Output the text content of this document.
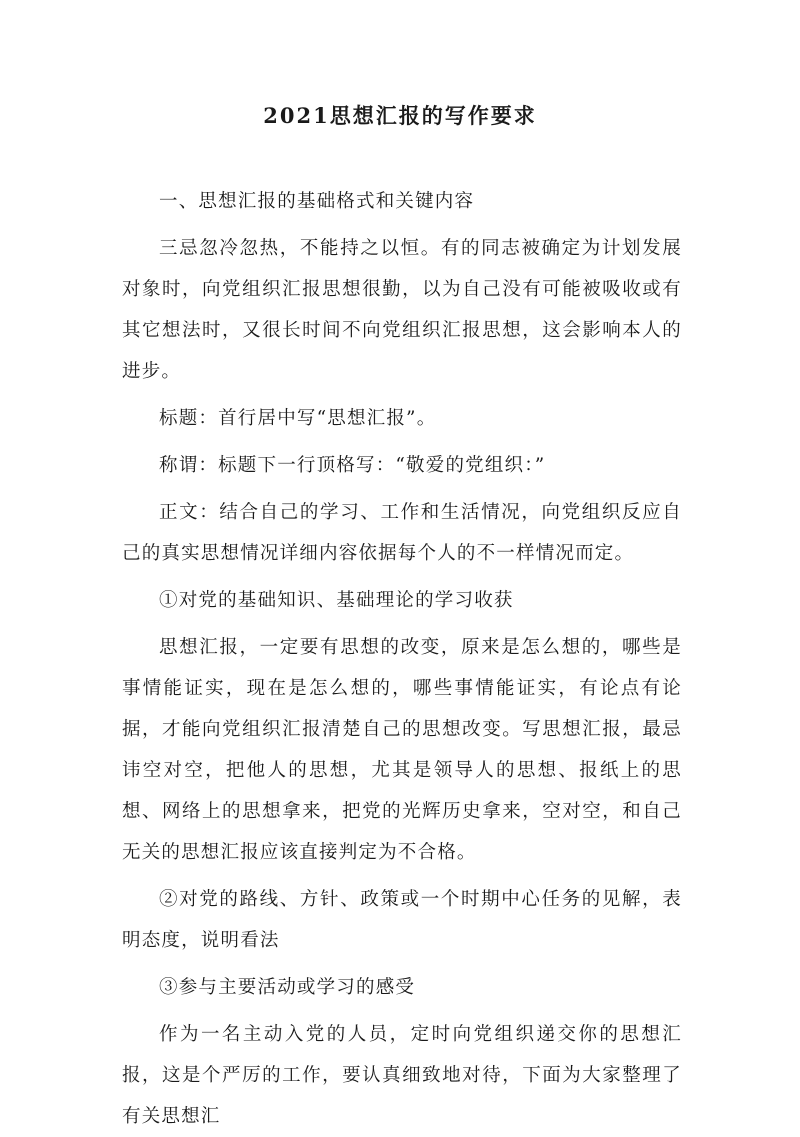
2021思想汇报的写作要求

一、思想汇报的基础格式和关键内容

三忌忽冷忽热，不能持之以恒。有的同志被确定为计划发展对象时，向党组织汇报思想很勤，以为自己没有可能被吸收或有其它想法时，又很长时间不向党组织汇报思想，这会影响本人的进步。

标题：首行居中写“思想汇报”。

称谓：标题下一行顶格写：“敬爱的党组织：”

正文：结合自己的学习、工作和生活情况，向党组织反应自己的真实思想情况详细内容依据每个人的不一样情况而定。

①对党的基础知识、基础理论的学习收获

思想汇报，一定要有思想的改变，原来是怎么想的，哪些是事情能证实，现在是怎么想的，哪些事情能证实，有论点有论据，才能向党组织汇报清楚自己的思想改变。写思想汇报，最忌讳空对空，把他人的思想，尤其是领导人的思想、报纸上的思想、网络上的思想拿来，把党的光辉历史拿来，空对空，和自己无关的思想汇报应该直接判定为不合格。

②对党的路线、方针、政策或一个时期中心任务的见解，表明态度，说明看法

③参与主要活动或学习的感受

作为一名主动入党的人员，定时向党组织递交你的思想汇报，这是个严厉的工作，要认真细致地对待，下面为大家整理了有关思想汇
